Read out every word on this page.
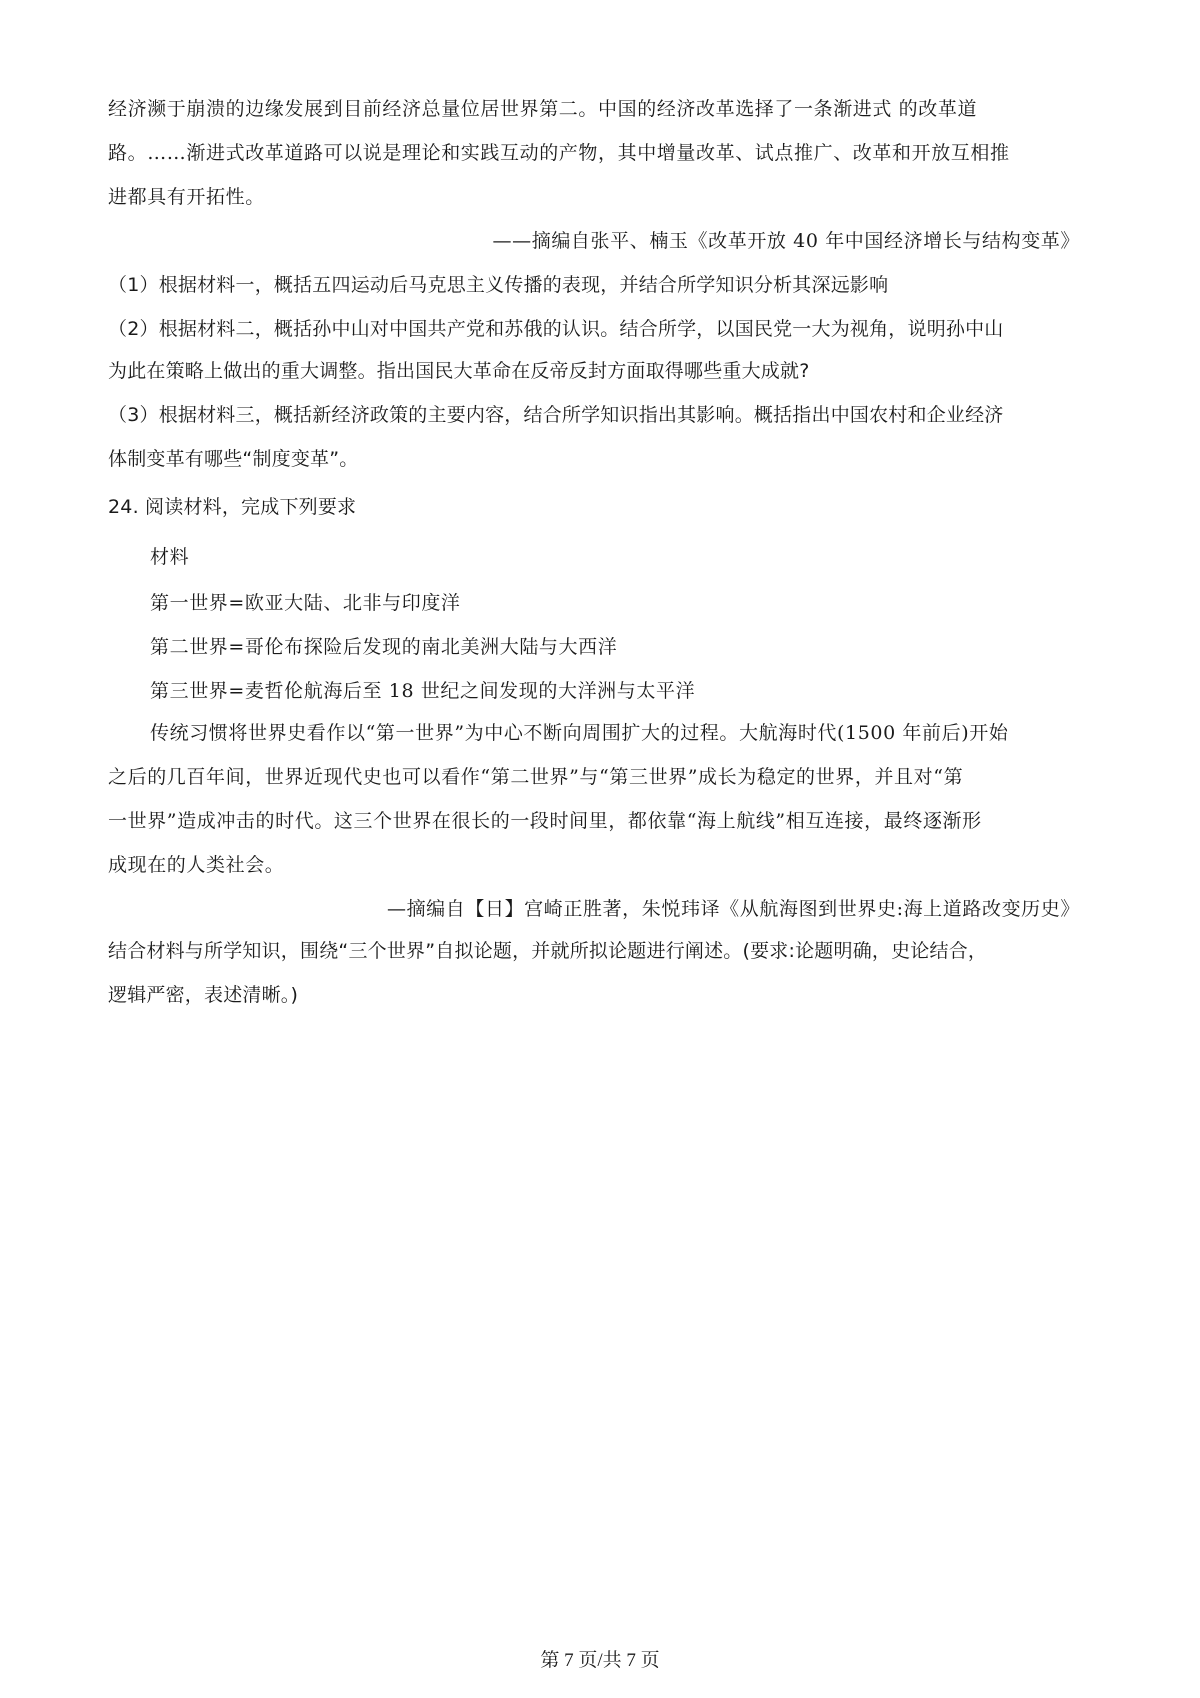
经济濒于崩溃的边缘发展到目前经济总量位居世界第二。中国的经济改革选择了一条渐进式 的改革道
路。……渐进式改革道路可以说是理论和实践互动的产物，其中增量改革、试点推广、改革和开放互相推
进都具有开拓性。
——摘编自张平、楠玉《改革开放 40 年中国经济增长与结构变革》
（1）根据材料一，概括五四运动后马克思主义传播的表现，并结合所学知识分析其深远影响
（2）根据材料二，概括孙中山对中国共产党和苏俄的认识。结合所学，以国民党一大为视角，说明孙中山
为此在策略上做出的重大调整。指出国民大革命在反帝反封方面取得哪些重大成就?
（3）根据材料三，概括新经济政策的主要内容，结合所学知识指出其影响。概括指出中国农村和企业经济
体制变革有哪些“制度变革”。
24. 阅读材料，完成下列要求
材料
第一世界=欧亚大陆、北非与印度洋
第二世界=哥伦布探险后发现的南北美洲大陆与大西洋
第三世界=麦哲伦航海后至 18 世纪之间发现的大洋洲与太平洋
传统习惯将世界史看作以“第一世界”为中心不断向周围扩大的过程。大航海时代(1500 年前后)开始
之后的几百年间，世界近现代史也可以看作“第二世界”与“第三世界”成长为稳定的世界，并且对“第
一世界”造成冲击的时代。这三个世界在很长的一段时间里，都依靠“海上航线”相互连接，最终逐渐形
成现在的人类社会。
—摘编自【日】宫崎正胜著，朱悦玮译《从航海图到世界史:海上道路改变历史》
结合材料与所学知识，围绕“三个世界”自拟论题，并就所拟论题进行阐述。(要求:论题明确，史论结合，
逻辑严密，表述清晰。)
第 7 页/共 7 页
